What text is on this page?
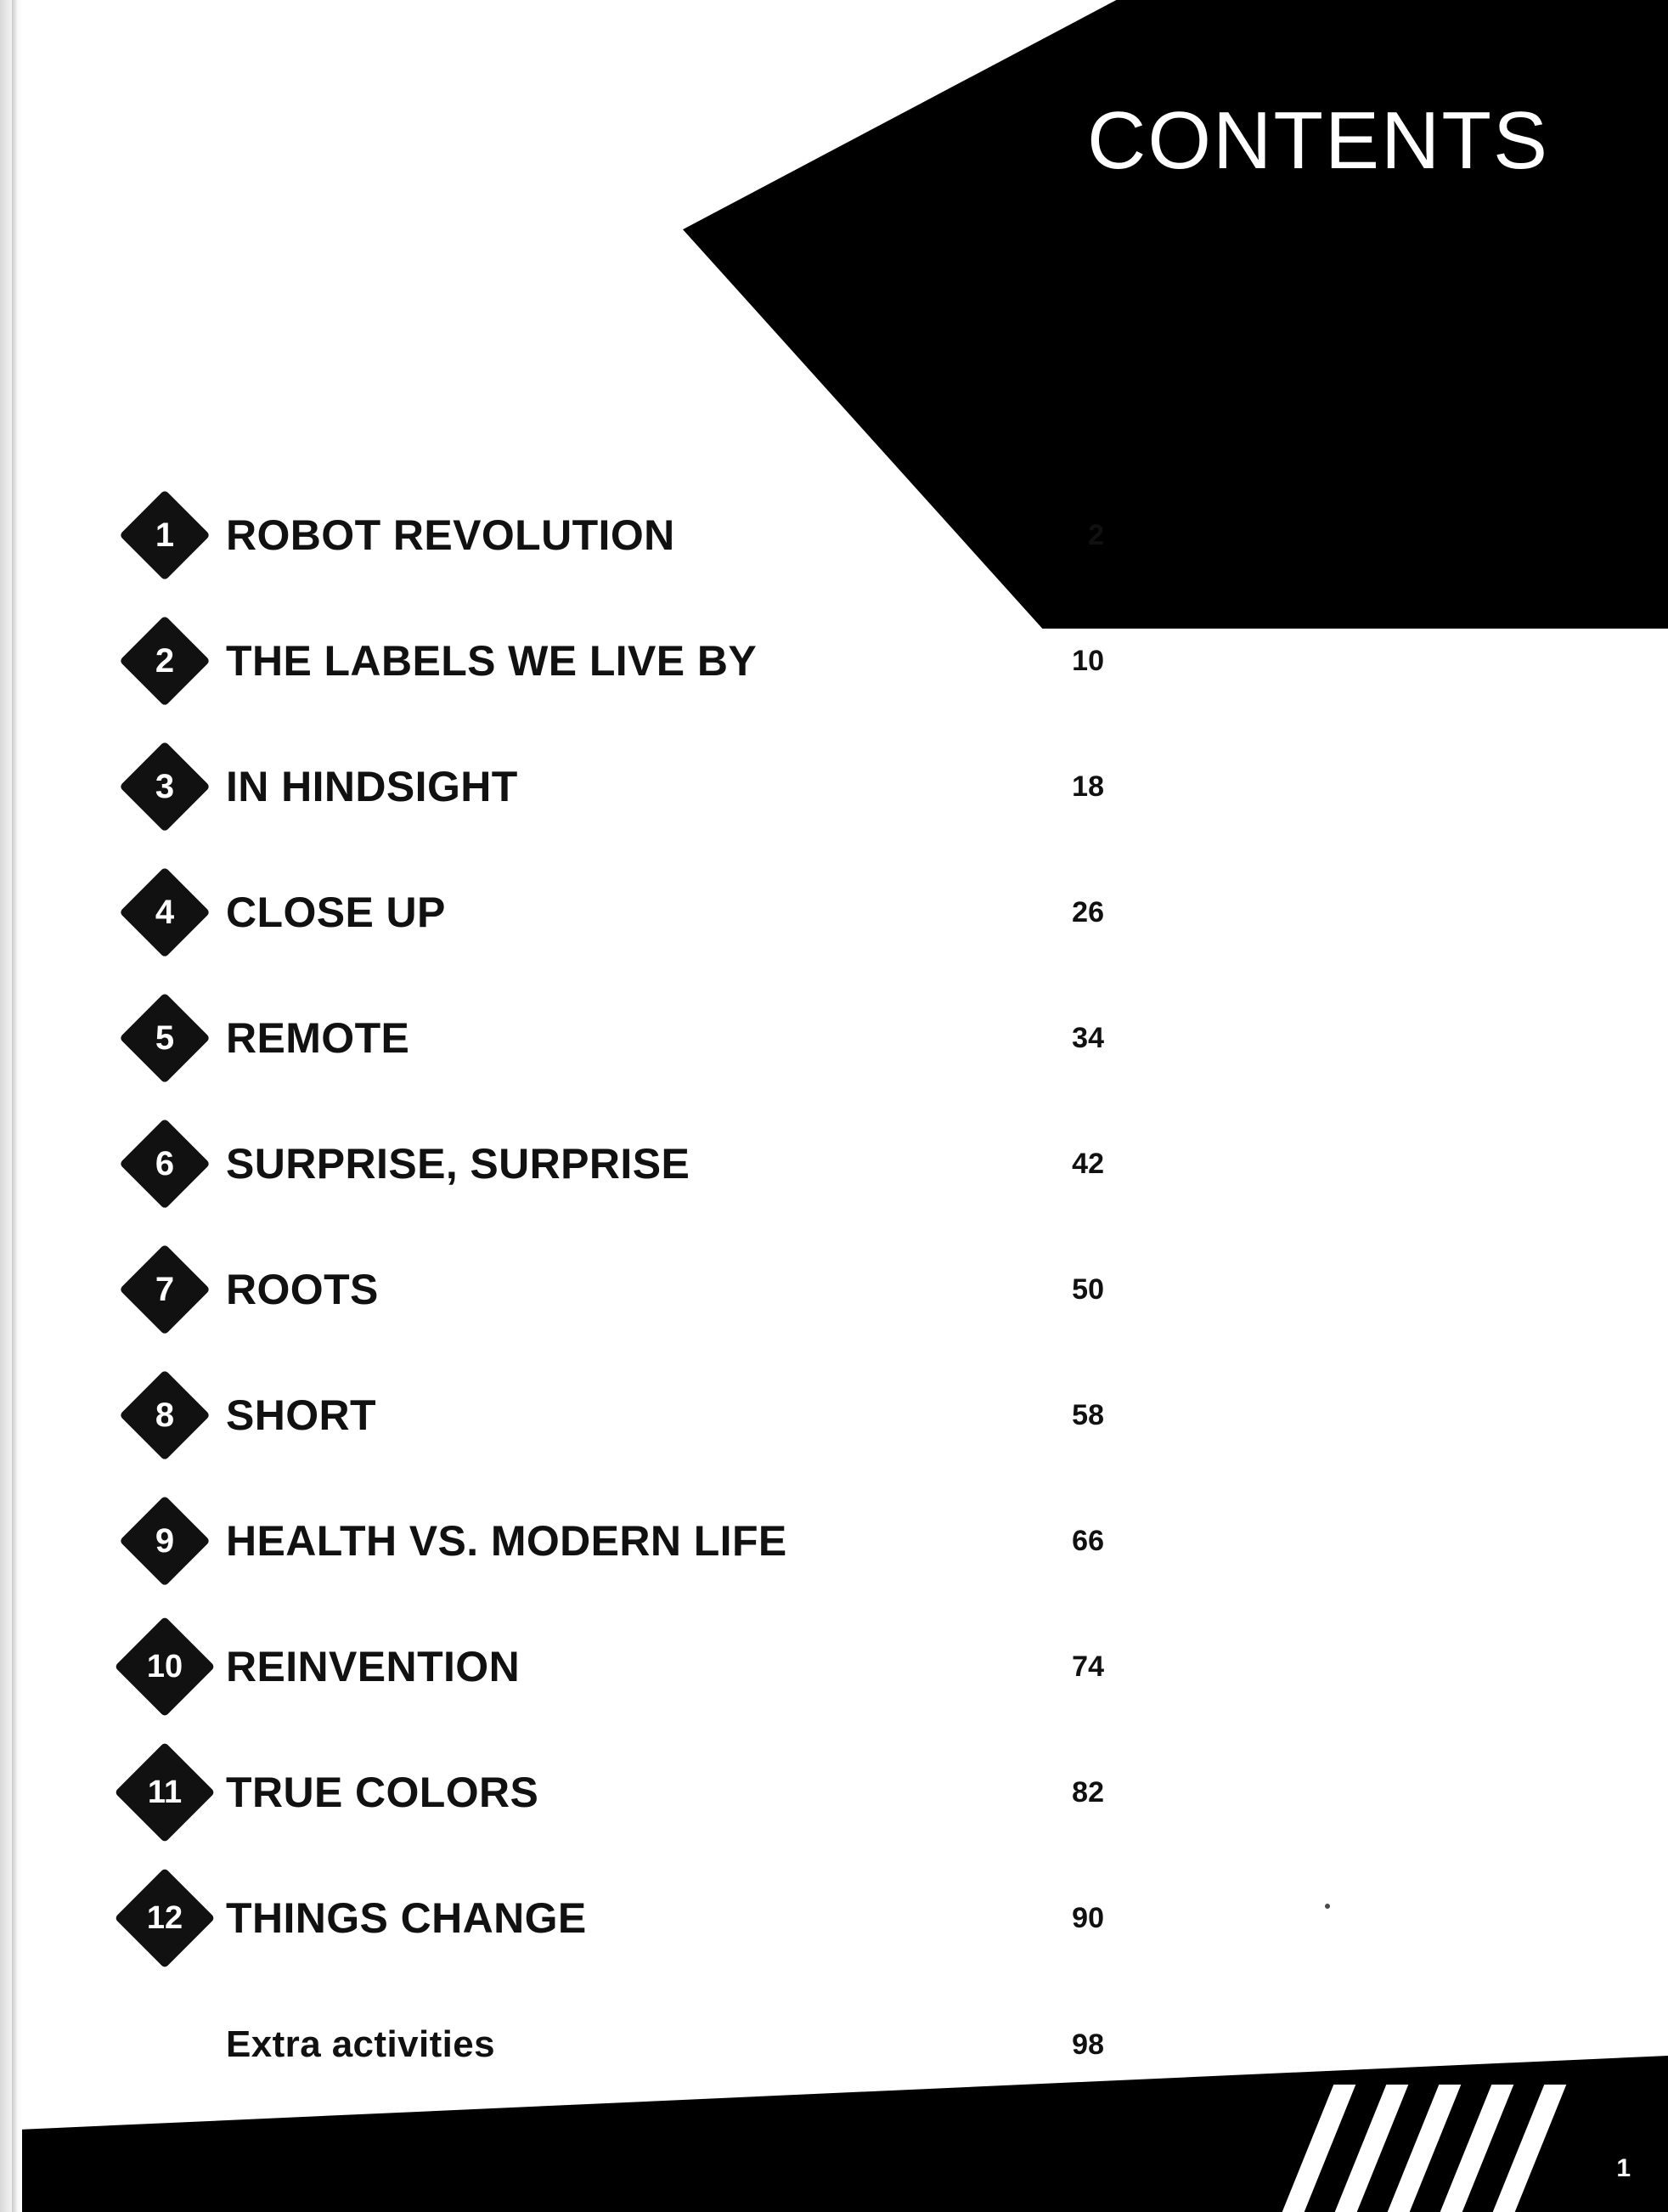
CONTENTS
1	ROBOT REVOLUTION	2
2	THE LABELS WE LIVE BY	10
3	IN HINDSIGHT	18
4	CLOSE UP	26
5	REMOTE	34
6	SURPRISE, SURPRISE	42
7	ROOTS	50
8	SHORT	58
9	HEALTH VS. MODERN LIFE	66
10	REINVENTION	74
11	TRUE COLORS	82
12	THINGS CHANGE	90
Extra activities	98
1
